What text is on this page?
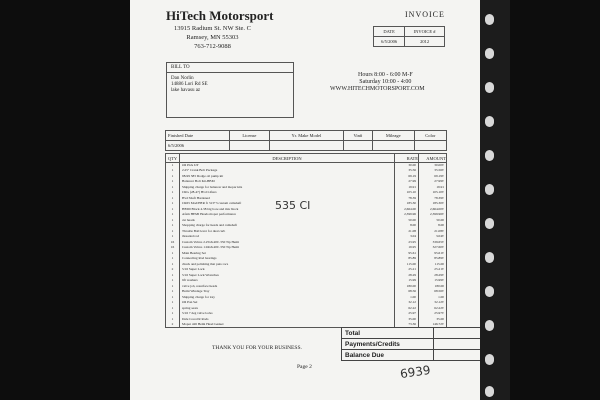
HiTech Motorsport
13915 Radium St. NW Ste. C
Ramsey, MN 55303
763-712-9088
INVOICE
DATE	INVOICE #
6/5/2006	2012
BILL TO
Dan Norlin
14886 Lori Rd SE
lake havasu az
Hours 8:00 - 6:00 M-F
Saturday 10:00 - 4:00
WWW.HITECHMOTORSPORT.COM
Finished Date	License	Yr. Make Model	Vin#	Mileage	Color
6/5/2006					
QTY	DESCRIPTION	RATE	AMOUNT
1	Oil Pick UP	30.00	30.00T
1	2.25" Crank Bolt Package	35.56	35.56T
1	98-99 383 Dodge oil pump kit	69.19	69.19T
1	Balancer Bolt Kit-BBM	27.99	27.99T
1	Shipping charge for balancer and mopar kits	19.91	19.91
1	CRG (28-47) Hvd Lifters	105.10	105.10T
1	Hvd Shaft Hardened	78.39	78.39T
1	CR65 Mod/HER fr 313+3 custom camshaft	185.30	185.30T
1	HEMI Block 4.38 big bore and mis block	2,664.00	2,664.00T
1	Afam HEMI Heads mopar performance	2,399.96	2,399.96T
1	cut heads	50.00	50.00
1	Shopping charge for heads and camshaft	8.00	8.00
1	Throttle Ball lever for dual carb	21.08	21.08T
1	threaded rod	3.04	3.04T
16	Custom Valves 2.25x6.400 .350 Tip Hemi	23.95	339.65T
16	Custom Valves 1.94x6.400 .350 Tip Hemi	19.95	327.60T
1	Main Bearing Set	95.61	95.61T
1	Connecting Rod bearings	85.89	85.89T
1	chuck and polishing that puts rocs	115.00	115.00
2	5/16 Super Lock	25.21	25.21T
1	5/16 Super Lock Wrenches	28.29	28.29T
1	lift washers	15.99	15.99T
1	valve job, resurface heads	180.00	180.00
1	Hemi Windage Tray	68.56	68.56T
1	Shipping charge for tray	1.00	1.00
1	Oil Pan Set	32.12	32.12T
1	spring seats	62.22	62.22T
1	5/16 7 deg valve locks	25.97	25.97T
1	Dale Cored R Rods	35.00	35.00
2	Mopar 426 Hemi Head Gasket	73.36	146.72T
535 CI
Total	
Payments/Credits	
Balance Due	
THANK YOU FOR YOUR BUSINESS.
Page 2	6939
